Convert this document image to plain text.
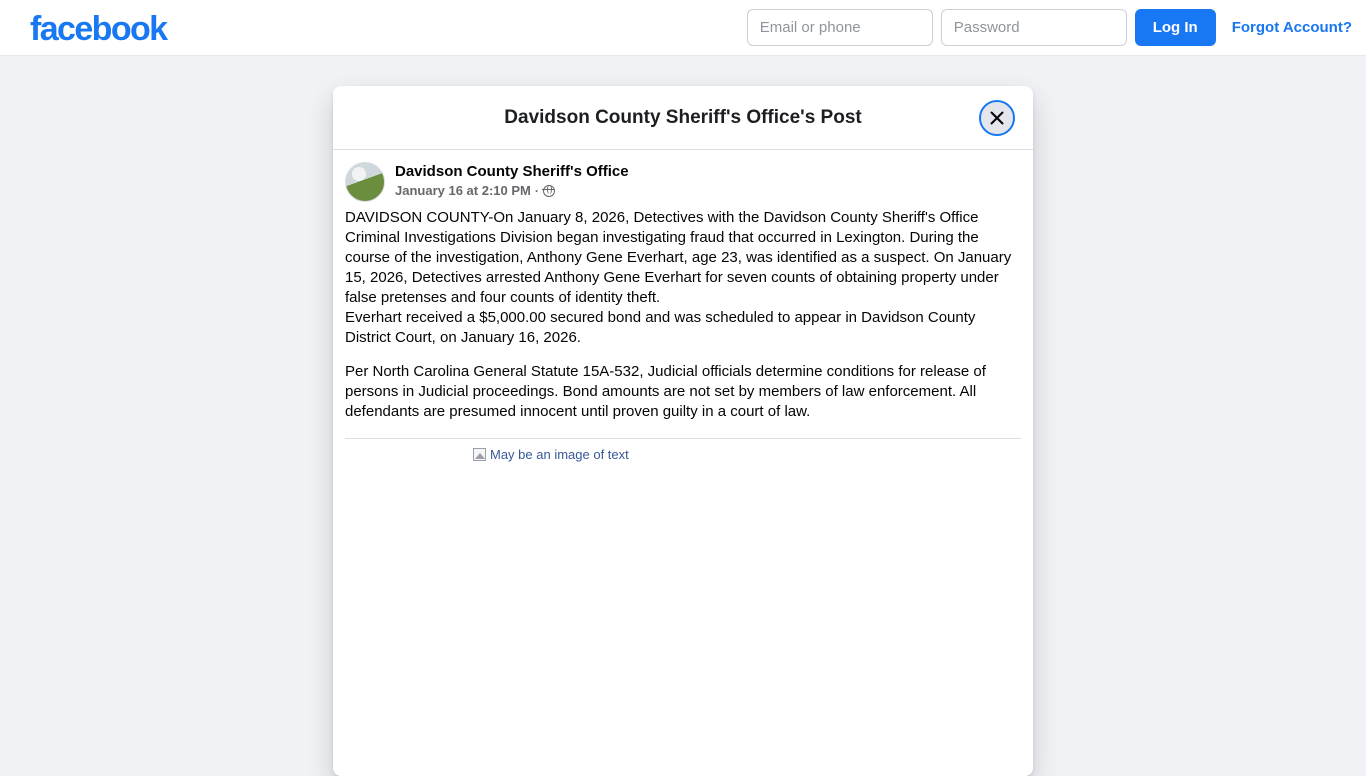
facebook
Email or phone	Log In	Forgot Account?
Davidson County Sheriff's Office's Post
Davidson County Sheriff's Office
January 16 at 2:10 PM ·

DAVIDSON COUNTY-On January 8, 2026, Detectives with the Davidson County Sheriff's Office Criminal Investigations Division began investigating fraud that occurred in Lexington. During the course of the investigation, Anthony Gene Everhart, age 23, was identified as a suspect. On January 15, 2026, Detectives arrested Anthony Gene Everhart for seven counts of obtaining property under false pretenses and four counts of identity theft.

Everhart received a $5,000.00 secured bond and was scheduled to appear in Davidson County District Court, on January 16, 2026.

Per North Carolina General Statute 15A-532, Judicial officials determine conditions for release of persons in Judicial proceedings. Bond amounts are not set by members of law enforcement. All defendants are presumed innocent until proven guilty in a court of law.

May be an image of text
